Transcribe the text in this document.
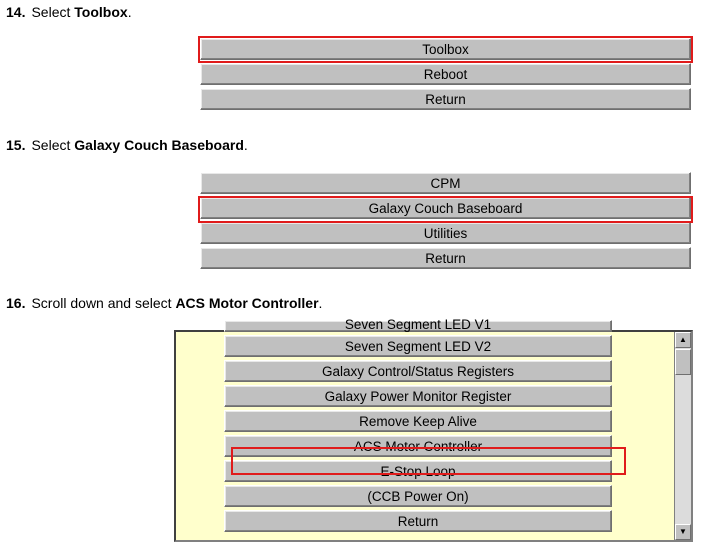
14. Select Toolbox.
Toolbox
Reboot
Return
15. Select Galaxy Couch Baseboard.
CPM
Galaxy Couch Baseboard
Utilities
Return
16. Scroll down and select ACS Motor Controller.
Seven Segment LED V1
Seven Segment LED V2
Galaxy Control/Status Registers
Galaxy Power Monitor Register
Remove Keep Alive
ACS Motor Controller
E-Stop Loop
(CCB Power On)
Return
▲
▼
